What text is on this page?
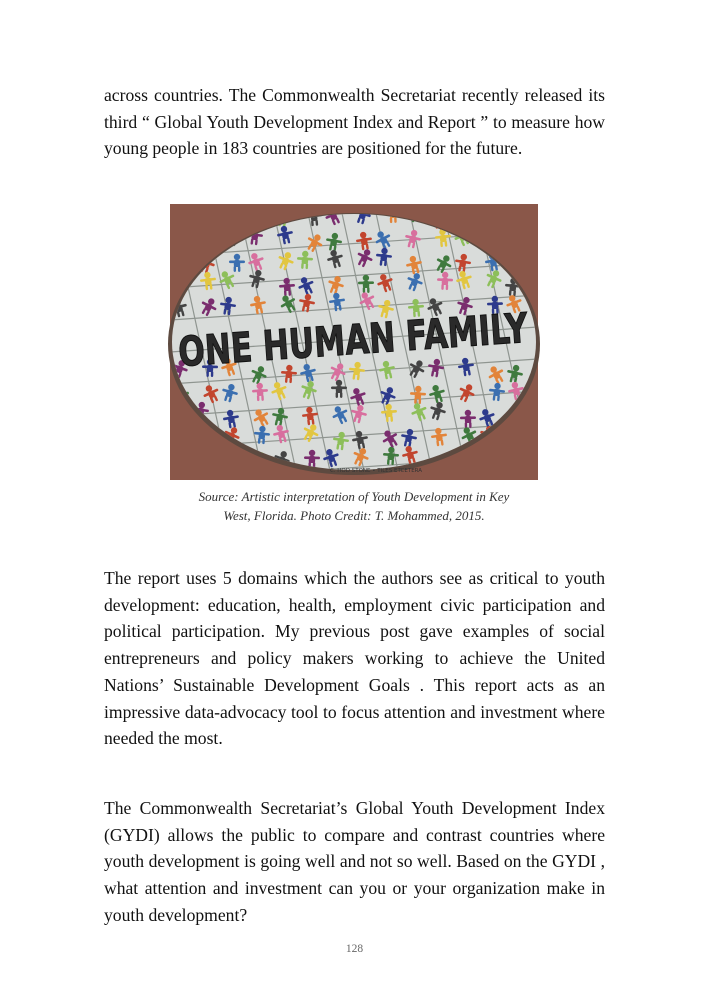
across countries. The Commonwealth Secretariat recently released its third “ Global Youth Development Index and Report ” to measure how young people in 183 countries are positioned for the future.

ONE HUMAN FAMILY
C. HOD STONE • TILES ETCETERA
Source: Artistic interpretation of Youth Development in Key
West, Florida. Photo Credit: T. Mohammed, 2015.

The report uses 5 domains which the authors see as critical to youth development: education, health, employment civic participation and political participation. My previous post gave examples of social entrepreneurs and policy makers working to achieve the United Nations’ Sustainable Development Goals . This report acts as an impressive data-advocacy tool to focus attention and investment where needed the most.

The Commonwealth Secretariat’s Global Youth Development Index (GYDI) allows the public to compare and contrast countries where youth development is going well and not so well. Based on the GYDI , what attention and investment can you or your organization make in youth development?

128
